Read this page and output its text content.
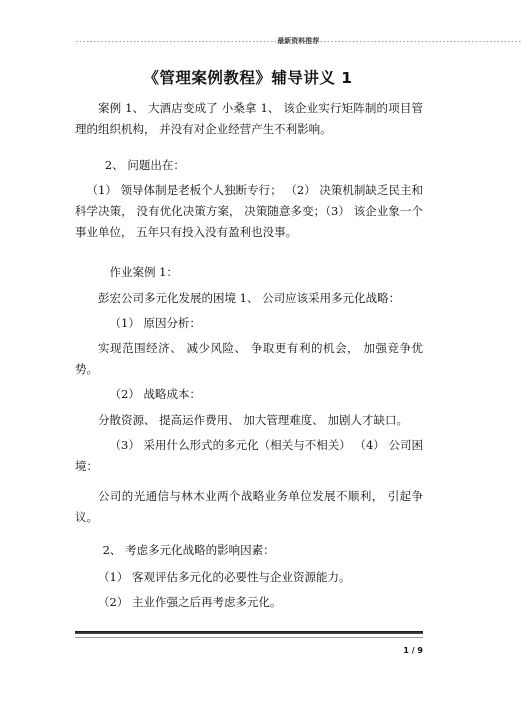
--------------------------------------------------------最新资料推荐--------------------------------------------------------
《管理案例教程》辅导讲义 1
案例 1、 大酒店变成了 小桑拿 1、 该企业实行矩阵制的项目管理的组织机构， 并没有对企业经营产生不利影响。
2、 问题出在：
（1） 领导体制是老板个人独断专行； （2） 决策机制缺乏民主和科学决策， 没有优化决策方案， 决策随意多变；（3） 该企业象一个事业单位， 五年只有投入没有盈利也没事。
作业案例 1：
彭宏公司多元化发展的困境 1、 公司应该采用多元化战略：
（1） 原因分析：
实现范围经济、 减少风险、 争取更有利的机会， 加强竞争优势。
（2） 战略成本：
分散资源、 提高运作费用、 加大管理难度、 加剧人才缺口。
（3） 采用什么形式的多元化（相关与不相关） （4） 公司困境：
公司的光通信与林木业两个战略业务单位发展不顺利， 引起争议。
2、 考虑多元化战略的影响因素：
（1） 客观评估多元化的必要性与企业资源能力。
（2） 主业作强之后再考虑多元化。
1 / 9
